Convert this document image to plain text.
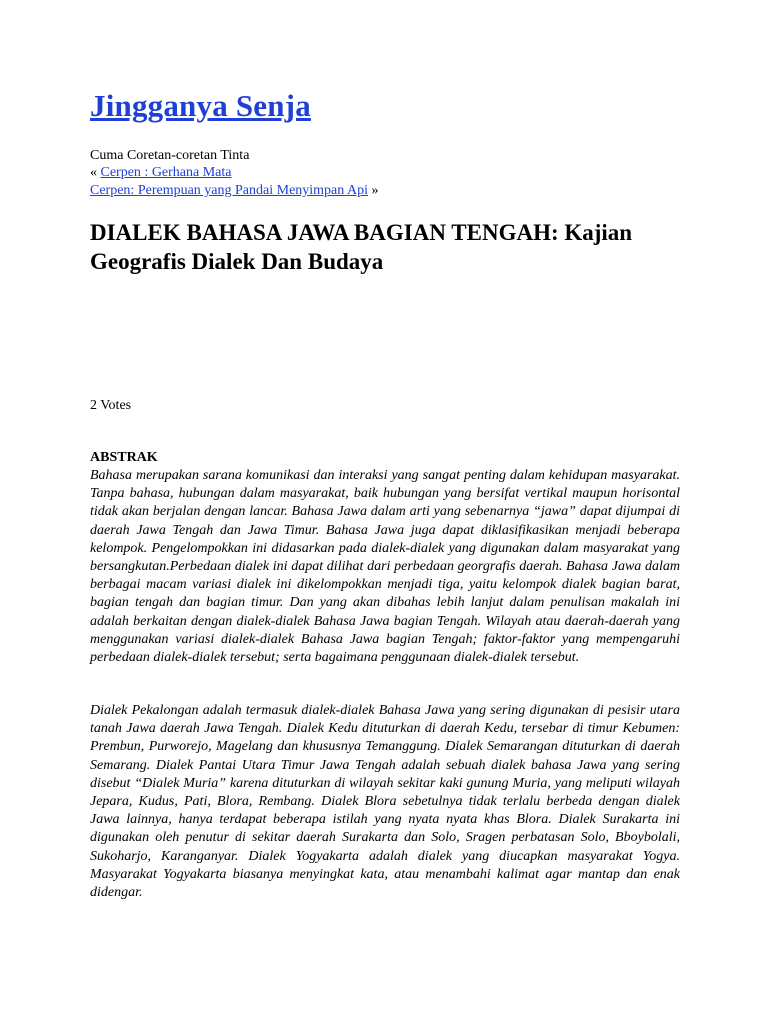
Jingganya Senja
Cuma Coretan-coretan Tinta
« Cerpen : Gerhana Mata
Cerpen: Perempuan yang Pandai Menyimpan Api »
DIALEK BAHASA JAWA BAGIAN TENGAH: Kajian Geografis Dialek Dan Budaya
2 Votes
ABSTRAK

Bahasa merupakan sarana komunikasi dan interaksi yang sangat penting dalam kehidupan masyarakat. Tanpa bahasa, hubungan dalam masyarakat, baik hubungan yang bersifat vertikal maupun horisontal tidak akan berjalan dengan lancar. Bahasa Jawa dalam arti yang sebenarnya “jawa” dapat dijumpai di daerah Jawa Tengah dan Jawa Timur. Bahasa Jawa juga dapat diklasifikasikan menjadi beberapa kelompok. Pengelompokkan ini didasarkan pada dialek-dialek yang digunakan dalam masyarakat yang bersangkutan.Perbedaan dialek ini dapat dilihat dari perbedaan georgrafis daerah. Bahasa Jawa dalam berbagai macam variasi dialek ini dikelompokkan menjadi tiga, yaitu kelompok dialek bagian barat, bagian tengah dan bagian timur. Dan yang akan dibahas lebih lanjut dalam penulisan makalah ini adalah berkaitan dengan dialek-dialek Bahasa Jawa bagian Tengah. Wilayah atau daerah-daerah yang menggunakan variasi dialek-dialek Bahasa Jawa bagian Tengah; faktor-faktor yang mempengaruhi perbedaan dialek-dialek tersebut; serta bagaimana penggunaan dialek-dialek tersebut.

Dialek Pekalongan adalah termasuk dialek-dialek Bahasa Jawa yang sering digunakan di pesisir utara tanah Jawa daerah Jawa Tengah. Dialek Kedu dituturkan di daerah Kedu, tersebar di timur Kebumen: Prembun, Purworejo, Magelang dan khususnya Temanggung. Dialek Semarangan dituturkan di daerah Semarang. Dialek Pantai Utara Timur Jawa Tengah adalah sebuah dialek bahasa Jawa yang sering disebut “Dialek Muria” karena dituturkan di wilayah sekitar kaki gunung Muria, yang meliputi wilayah Jepara, Kudus, Pati, Blora, Rembang. Dialek Blora sebetulnya tidak terlalu berbeda dengan dialek Jawa lainnya, hanya terdapat beberapa istilah yang nyata nyata khas Blora. Dialek Surakarta ini digunakan oleh penutur di sekitar daerah Surakarta dan Solo, Sragen perbatasan Solo, Bboybolali, Sukoharjo, Karanganyar. Dialek Yogyakarta adalah dialek yang diucapkan masyarakat Yogya. Masyarakat Yogyakarta biasanya menyingkat kata, atau menambahi kalimat agar mantap dan enak didengar.
